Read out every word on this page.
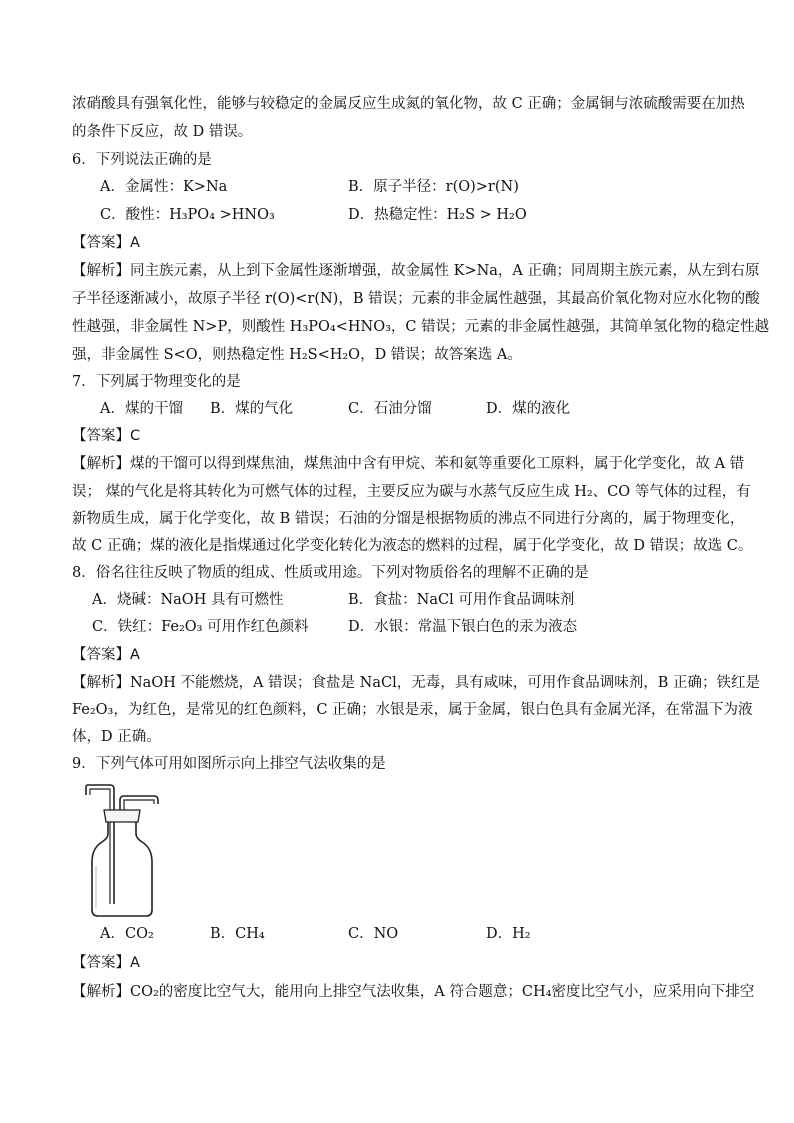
浓硝酸具有强氧化性，能够与较稳定的金属反应生成氮的氧化物，故 C 正确；金属铜与浓硫酸需要在加热
的条件下反应，故 D 错误。
6．下列说法正确的是
A．金属性：K>Na	B．原子半径：r(O)>r(N)
C．酸性：H₃PO₄ >HNO₃	D．热稳定性：H₂S > H₂O
【答案】A
【解析】同主族元素，从上到下金属性逐渐增强，故金属性 K>Na，A 正确；同周期主族元素，从左到右原
子半径逐渐减小，故原子半径 r(O)<r(N)，B 错误；元素的非金属性越强，其最高价氧化物对应水化物的酸
性越强，非金属性 N>P，则酸性 H₃PO₄<HNO₃，C 错误；元素的非金属性越强，其简单氢化物的稳定性越
强，非金属性 S<O，则热稳定性 H₂S<H₂O，D 错误；故答案选 A。
7．下列属于物理变化的是
A．煤的干馏 B．煤的气化	C．石油分馏	D．煤的液化
【答案】C
【解析】煤的干馏可以得到煤焦油，煤焦油中含有甲烷、苯和氨等重要化工原料，属于化学变化，故 A 错
误； 煤的气化是将其转化为可燃气体的过程，主要反应为碳与水蒸气反应生成 H₂、CO 等气体的过程，有
新物质生成，属于化学变化，故 B 错误；石油的分馏是根据物质的沸点不同进行分离的，属于物理变化，
故 C 正确；煤的液化是指煤通过化学变化转化为液态的燃料的过程，属于化学变化，故 D 错误；故选 C。
8．俗名往往反映了物质的组成、性质或用途。下列对物质俗名的理解不正确的是
A．烧碱：NaOH 具有可燃性	B．食盐：NaCl 可用作食品调味剂
C．铁红：Fe₂O₃ 可用作红色颜料	D．水银：常温下银白色的汞为液态
【答案】A
【解析】NaOH 不能燃烧，A 错误；食盐是 NaCl，无毒，具有咸味，可用作食品调味剂，B 正确；铁红是
Fe₂O₃，为红色，是常见的红色颜料，C 正确；水银是汞，属于金属，银白色具有金属光泽，在常温下为液
体，D 正确。
9．下列气体可用如图所示向上排空气法收集的是
A．CO₂	B．CH₄	C．NO	D．H₂
【答案】A
【解析】CO₂的密度比空气大，能用向上排空气法收集，A 符合题意；CH₄密度比空气小，应采用向下排空
